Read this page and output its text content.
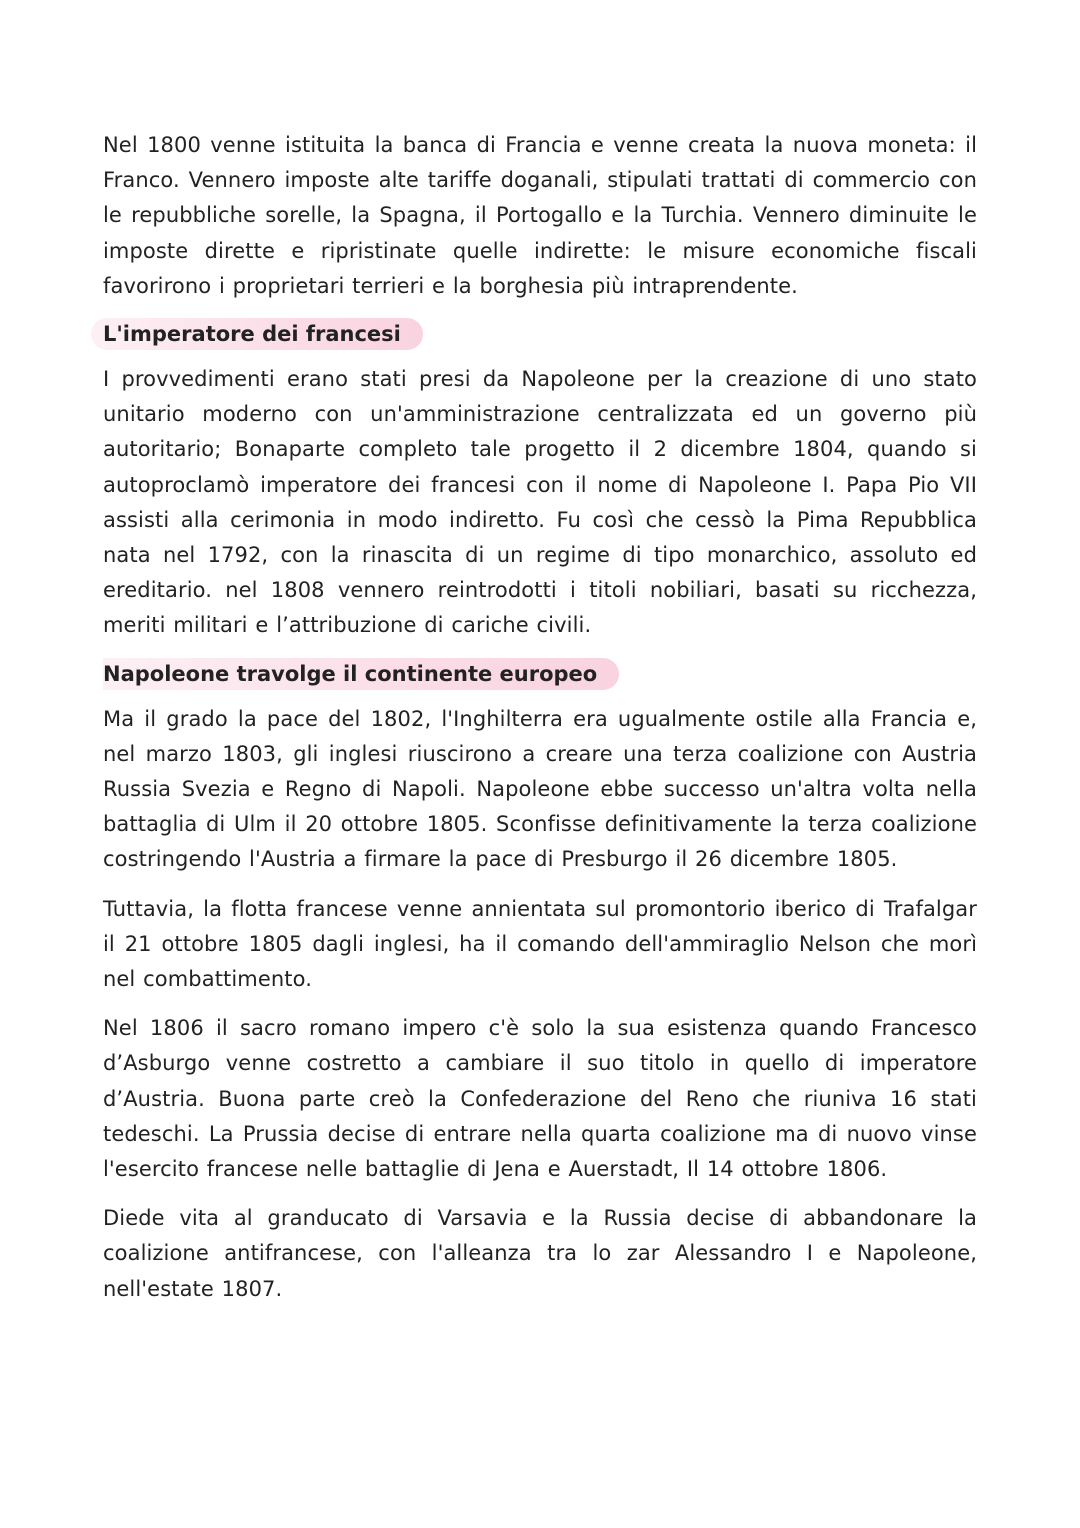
Nel 1800 venne istituita la banca di Francia e venne creata la nuova moneta: il Franco. Vennero imposte alte tariffe doganali, stipulati trattati di commercio con le repubbliche sorelle, la Spagna, il Portogallo e la Turchia. Vennero diminuite le imposte dirette e ripristinate quelle indirette: le misure economiche fiscali favorirono i proprietari terrieri e la borghesia più intraprendente.

L'imperatore dei francesi

I provvedimenti erano stati presi da Napoleone per la creazione di uno stato unitario moderno con un'amministrazione centralizzata ed un governo più autoritario; Bonaparte completo tale progetto il 2 dicembre 1804, quando si autoproclamò imperatore dei francesi con il nome di Napoleone I. Papa Pio VII assisti alla cerimonia in modo indiretto. Fu così che cessò la Pima Repubblica nata nel 1792, con la rinascita di un regime di tipo monarchico, assoluto ed ereditario. nel 1808 vennero reintrodotti i titoli nobiliari, basati su ricchezza, meriti militari e l’attribuzione di cariche civili.

Napoleone travolge il continente europeo

Ma il grado la pace del 1802, l'Inghilterra era ugualmente ostile alla Francia e, nel marzo 1803, gli inglesi riuscirono a creare una terza coalizione con Austria Russia Svezia e Regno di Napoli. Napoleone ebbe successo un'altra volta nella battaglia di Ulm il 20 ottobre 1805. Sconfisse definitivamente la terza coalizione costringendo l'Austria a firmare la pace di Presburgo il 26 dicembre 1805.

Tuttavia, la flotta francese venne annientata sul promontorio iberico di Trafalgar il 21 ottobre 1805 dagli inglesi, ha il comando dell'ammiraglio Nelson che morì nel combattimento.

Nel 1806 il sacro romano impero c'è solo la sua esistenza quando Francesco d’Asburgo venne costretto a cambiare il suo titolo in quello di imperatore d’Austria. Buona parte creò la Confederazione del Reno che riuniva 16 stati tedeschi. La Prussia decise di entrare nella quarta coalizione ma di nuovo vinse l'esercito francese nelle battaglie di Jena e Auerstadt, Il 14 ottobre 1806.

Diede vita al granducato di Varsavia e la Russia decise di abbandonare la coalizione antifrancese, con l'alleanza tra lo zar Alessandro I e Napoleone, nell'estate 1807.
